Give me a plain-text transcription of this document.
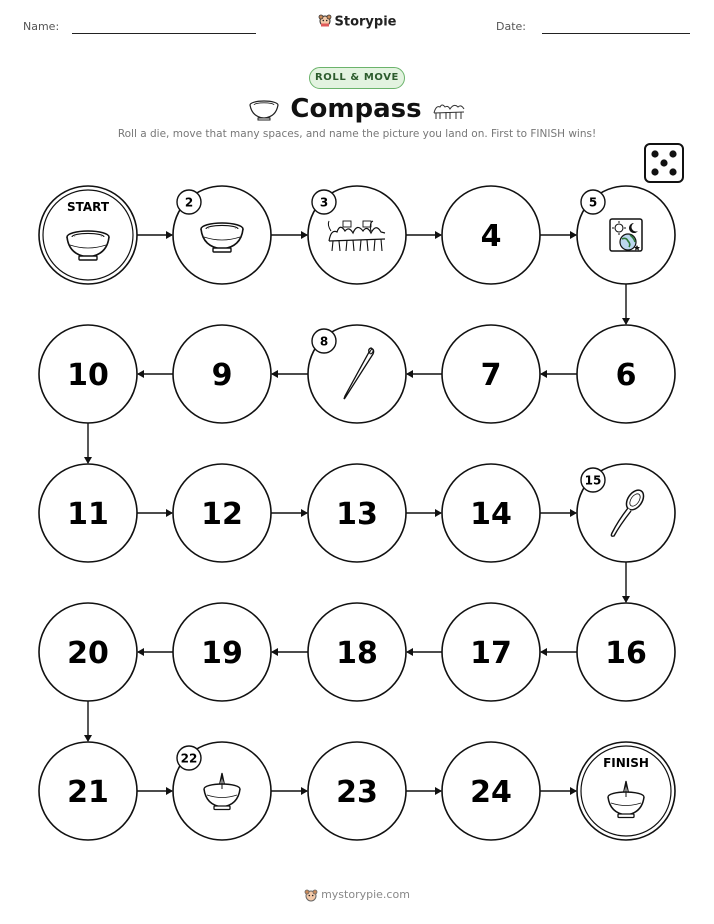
Name:	Storypie	Date:
ROLL & MOVE
Compass
Roll a die, move that many spaces, and name the picture you land on. First to FINISH wins!
START	2	3
4
5
6
7
8
9
10
11	12	13	14
15
16
17
18
19
20
21
22
23	24
FINISH
mystorypie.com
